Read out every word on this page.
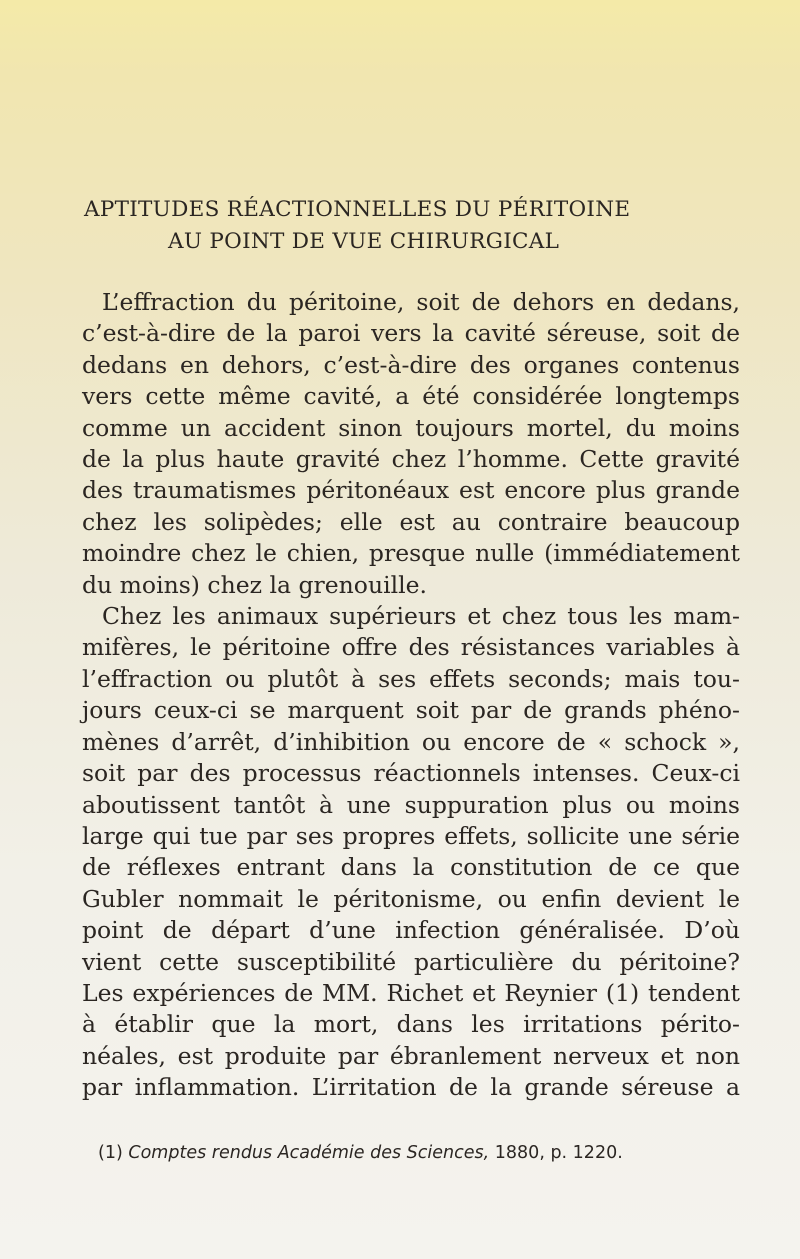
APTITUDES RÉACTIONNELLES DU PÉRITOINE
AU POINT DE VUE CHIRURGICAL
L’effraction du péritoine, soit de dehors en dedans,
c’est-à-dire de la paroi vers la cavité séreuse, soit de
dedans en dehors, c’est-à-dire des organes contenus
vers cette même cavité, a été considérée longtemps
comme un accident sinon toujours mortel, du moins
de la plus haute gravité chez l’homme. Cette gravité
des traumatismes péritonéaux est encore plus grande
chez les solipèdes; elle est au contraire beaucoup
moindre chez le chien, presque nulle (immédiatement
du moins) chez la grenouille.
Chez les animaux supérieurs et chez tous les mam-
mifères, le péritoine offre des résistances variables à
l’effraction ou plutôt à ses effets seconds; mais tou-
jours ceux-ci se marquent soit par de grands phéno-
mènes d’arrêt, d’inhibition ou encore de « schock »,
soit par des processus réactionnels intenses. Ceux-ci
aboutissent tantôt à une suppuration plus ou moins
large qui tue par ses propres effets, sollicite une série
de réflexes entrant dans la constitution de ce que
Gubler nommait le péritonisme, ou enfin devient le
point de départ d’une infection généralisée. D’où
vient cette susceptibilité particulière du péritoine?
Les expériences de MM. Richet et Reynier (1) tendent
à établir que la mort, dans les irritations périto-
néales, est produite par ébranlement nerveux et non
par inflammation. L’irritation de la grande séreuse a
(1) Comptes rendus Académie des Sciences, 1880, p. 1220.
